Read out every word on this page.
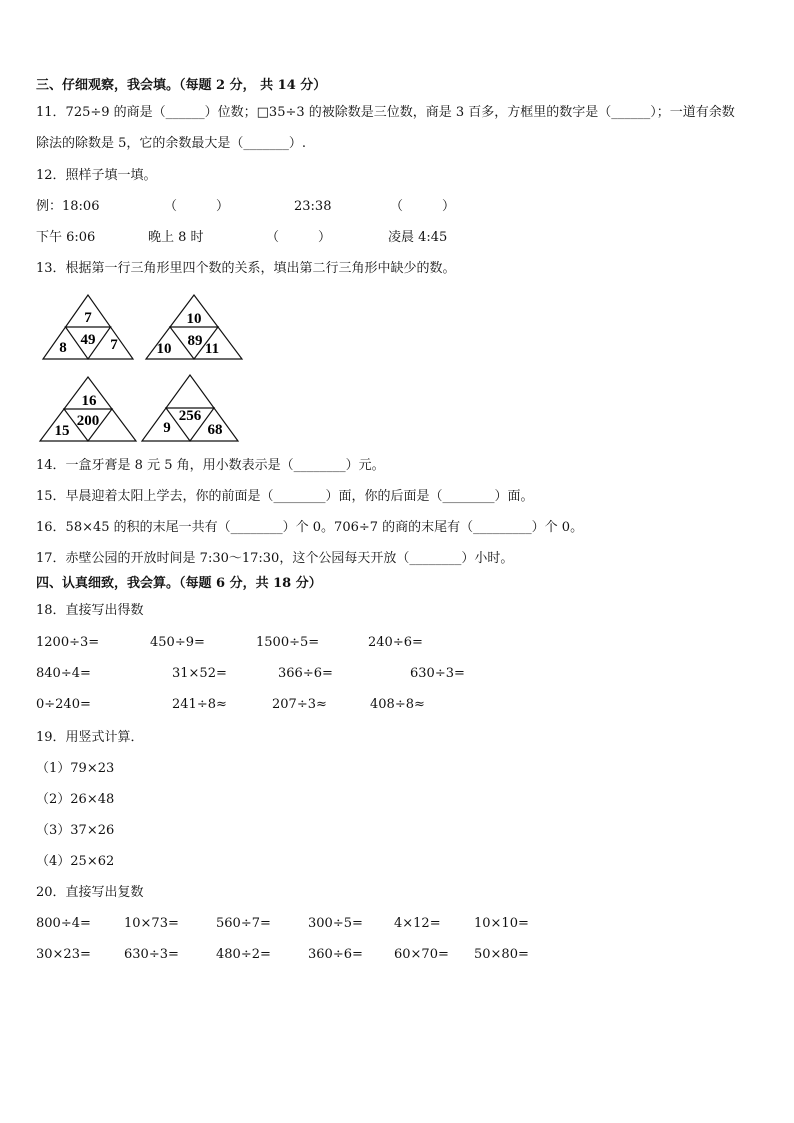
三、仔细观察，我会填。（每题 2 分， 共 14 分）
11．725÷9 的商是（______）位数；□35÷3 的被除数是三位数，商是 3 百多，方框里的数字是（______）；一道有余数
除法的除数是 5，它的余数最大是（_______）.
12．照样子填一填。
例：18:06	（　　　）	23:38	（　　　）
下午 6:06	晚上 8 时	（　　　）	凌晨 4:45
13．根据第一行三角形里四个数的关系，填出第二行三角形中缺少的数。
7
49
8	7
10
89
10 11
16
200
15
256
9 68
14．一盒牙膏是 8 元 5 角，用小数表示是（________）元。
15．早晨迎着太阳上学去，你的前面是（________）面，你的后面是（________）面。
16．58×45 的积的末尾一共有（________）个 0。706÷7 的商的末尾有（_________）个 0。
17．赤壁公园的开放时间是 7:30～17:30，这个公园每天开放（________）小时。
四、认真细致，我会算。（每题 6 分，共 18 分）
18．直接写出得数
1200÷3=	450÷9=	1500÷5=	240÷6=
840÷4=	31×52=	366÷6=	630÷3=
0÷240=	241÷8≈	207÷3≈	408÷8≈
19．用竖式计算．
（1）79×23
（2）26×48
（3）37×26
（4）25×62
20．直接写出复数
800÷4=	10×73=	560÷7=	300÷5= 4×12=	10×10=
30×23=	630÷3=	480÷2=	360÷6= 60×70= 50×80=
